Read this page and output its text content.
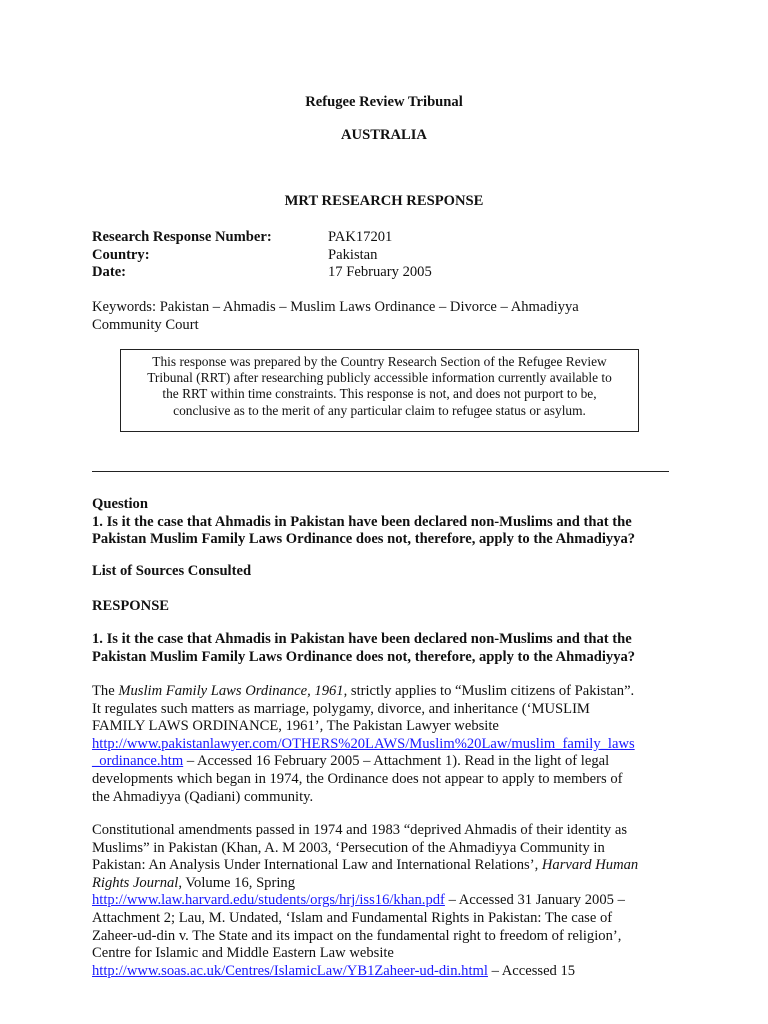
Refugee Review Tribunal
AUSTRALIA
MRT RESEARCH RESPONSE
Research Response Number:	PAK17201
Country:	Pakistan
Date:	17 February 2005

Keywords: Pakistan – Ahmadis – Muslim Laws Ordinance – Divorce – Ahmadiyya

Community Court

This response was prepared by the Country Research Section of the Refugee Review
Tribunal (RRT) after researching publicly accessible information currently available to
the RRT within time constraints. This response is not, and does not purport to be,
conclusive as to the merit of any particular claim to refugee status or asylum.

Question

1. Is it the case that Ahmadis in Pakistan have been declared non-Muslims and that the

Pakistan Muslim Family Laws Ordinance does not, therefore, apply to the Ahmadiyya?

List of Sources Consulted
RESPONSE

1. Is it the case that Ahmadis in Pakistan have been declared non-Muslims and that the

Pakistan Muslim Family Laws Ordinance does not, therefore, apply to the Ahmadiyya?

The Muslim Family Laws Ordinance, 1961, strictly applies to “Muslim citizens of Pakistan”.

It regulates such matters as marriage, polygamy, divorce, and inheritance (‘MUSLIM

FAMILY LAWS ORDINANCE, 1961’, The Pakistan Lawyer website

http://www.pakistanlawyer.com/OTHERS%20LAWS/Muslim%20Law/muslim_family_laws

_ordinance.htm – Accessed 16 February 2005 – Attachment 1). Read in the light of legal

developments which began in 1974, the Ordinance does not appear to apply to members of

the Ahmadiyya (Qadiani) community.

Constitutional amendments passed in 1974 and 1983 “deprived Ahmadis of their identity as

Muslims” in Pakistan (Khan, A. M 2003, ‘Persecution of the Ahmadiyya Community in

Pakistan: An Analysis Under International Law and International Relations’, Harvard Human

Rights Journal, Volume 16, Spring

http://www.law.harvard.edu/students/orgs/hrj/iss16/khan.pdf – Accessed 31 January 2005 –

Attachment 2; Lau, M. Undated, ‘Islam and Fundamental Rights in Pakistan: The case of

Zaheer-ud-din v. The State and its impact on the fundamental right to freedom of religion’,

Centre for Islamic and Middle Eastern Law website

http://www.soas.ac.uk/Centres/IslamicLaw/YB1Zaheer-ud-din.html – Accessed 15
